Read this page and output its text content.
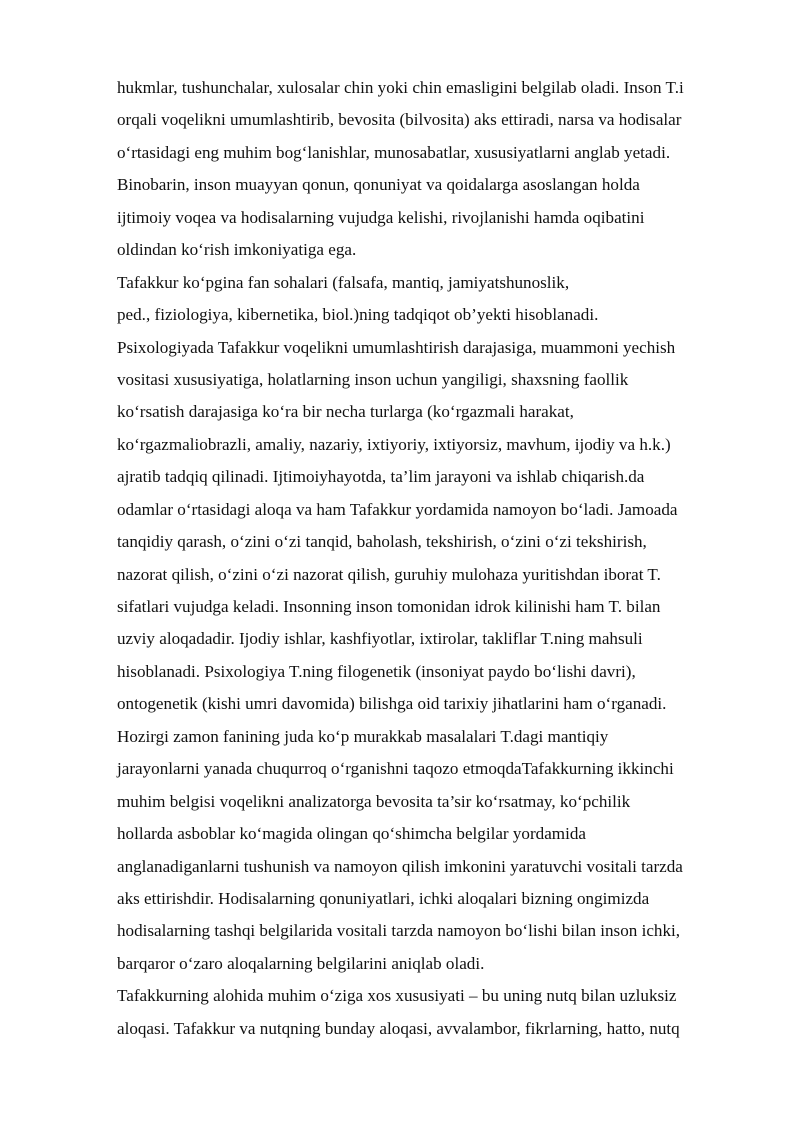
hukmlar, tushunchalar, xulosalar chin yoki chin emasligini belgilab oladi. Inson T.i
orqali voqelikni umumlashtirib, bevosita (bilvosita) aks ettiradi, narsa va hodisalar
oʻrtasidagi eng muhim bogʻlanishlar, munosabatlar, xususiyatlarni anglab yetadi.
Binobarin, inson muayyan qonun, qonuniyat va qoidalarga asoslangan holda
ijtimoiy voqea va hodisalarning vujudga kelishi, rivojlanishi hamda oqibatini
oldindan koʻrish imkoniyatiga ega.
Tafakkur koʻpgina fan sohalari (falsafa, mantiq, jamiyatshunoslik,
ped., fiziologiya, kibernetika, biol.)ning tadqiqot ob’yekti hisoblanadi.
Psixologiyada Tafakkur voqelikni umumlashtirish darajasiga, muammoni yechish
vositasi xususiyatiga, holatlarning inson uchun yangiligi, shaxsning faollik
koʻrsatish darajasiga koʻra bir necha turlarga (koʻrgazmali harakat,
koʻrgazmaliobrazli, amaliy, nazariy, ixtiyoriy, ixtiyorsiz, mavhum, ijodiy va h.k.)
ajratib tadqiq qilinadi. Ijtimoiyhayotda, ta’lim jarayoni va ishlab chiqarish.da
odamlar oʻrtasidagi aloqa va ham Tafakkur yordamida namoyon boʻladi. Jamoada
tanqidiy qarash, oʻzini oʻzi tanqid, baholash, tekshirish, oʻzini oʻzi tekshirish,
nazorat qilish, oʻzini oʻzi nazorat qilish, guruhiy mulohaza yuritishdan iborat T.
sifatlari vujudga keladi. Insonning inson tomonidan idrok kilinishi ham T. bilan
uzviy aloqadadir. Ijodiy ishlar, kashfiyotlar, ixtirolar, takliflar T.ning mahsuli
hisoblanadi. Psixologiya T.ning filogenetik (insoniyat paydo boʻlishi davri),
ontogenetik (kishi umri davomida) bilishga oid tarixiy jihatlarini ham oʻrganadi.
Hozirgi zamon fanining juda koʻp murakkab masalalari T.dagi mantiqiy
jarayonlarni yanada chuqurroq oʻrganishni taqozo etmoqdaTafakkurning ikkinchi
muhim belgisi voqelikni analizatorga bevosita ta’sir koʻrsatmay, koʻpchilik
hollarda asboblar koʻmagida olingan qoʻshimcha belgilar yordamida
anglanadiganlarni tushunish va namoyon qilish imkonini yaratuvchi vositali tarzda
aks ettirishdir. Hodisalarning qonuniyatlari, ichki aloqalari bizning ongimizda
hodisalarning tashqi belgilarida vositali tarzda namoyon boʻlishi bilan inson ichki,
barqaror oʻzaro aloqalarning belgilarini aniqlab oladi.
Tafakkurning alohida muhim oʻziga xos xususiyati – bu uning nutq bilan uzluksiz
aloqasi. Tafakkur va nutqning bunday aloqasi, avvalambor, fikrlarning, hatto, nutq
